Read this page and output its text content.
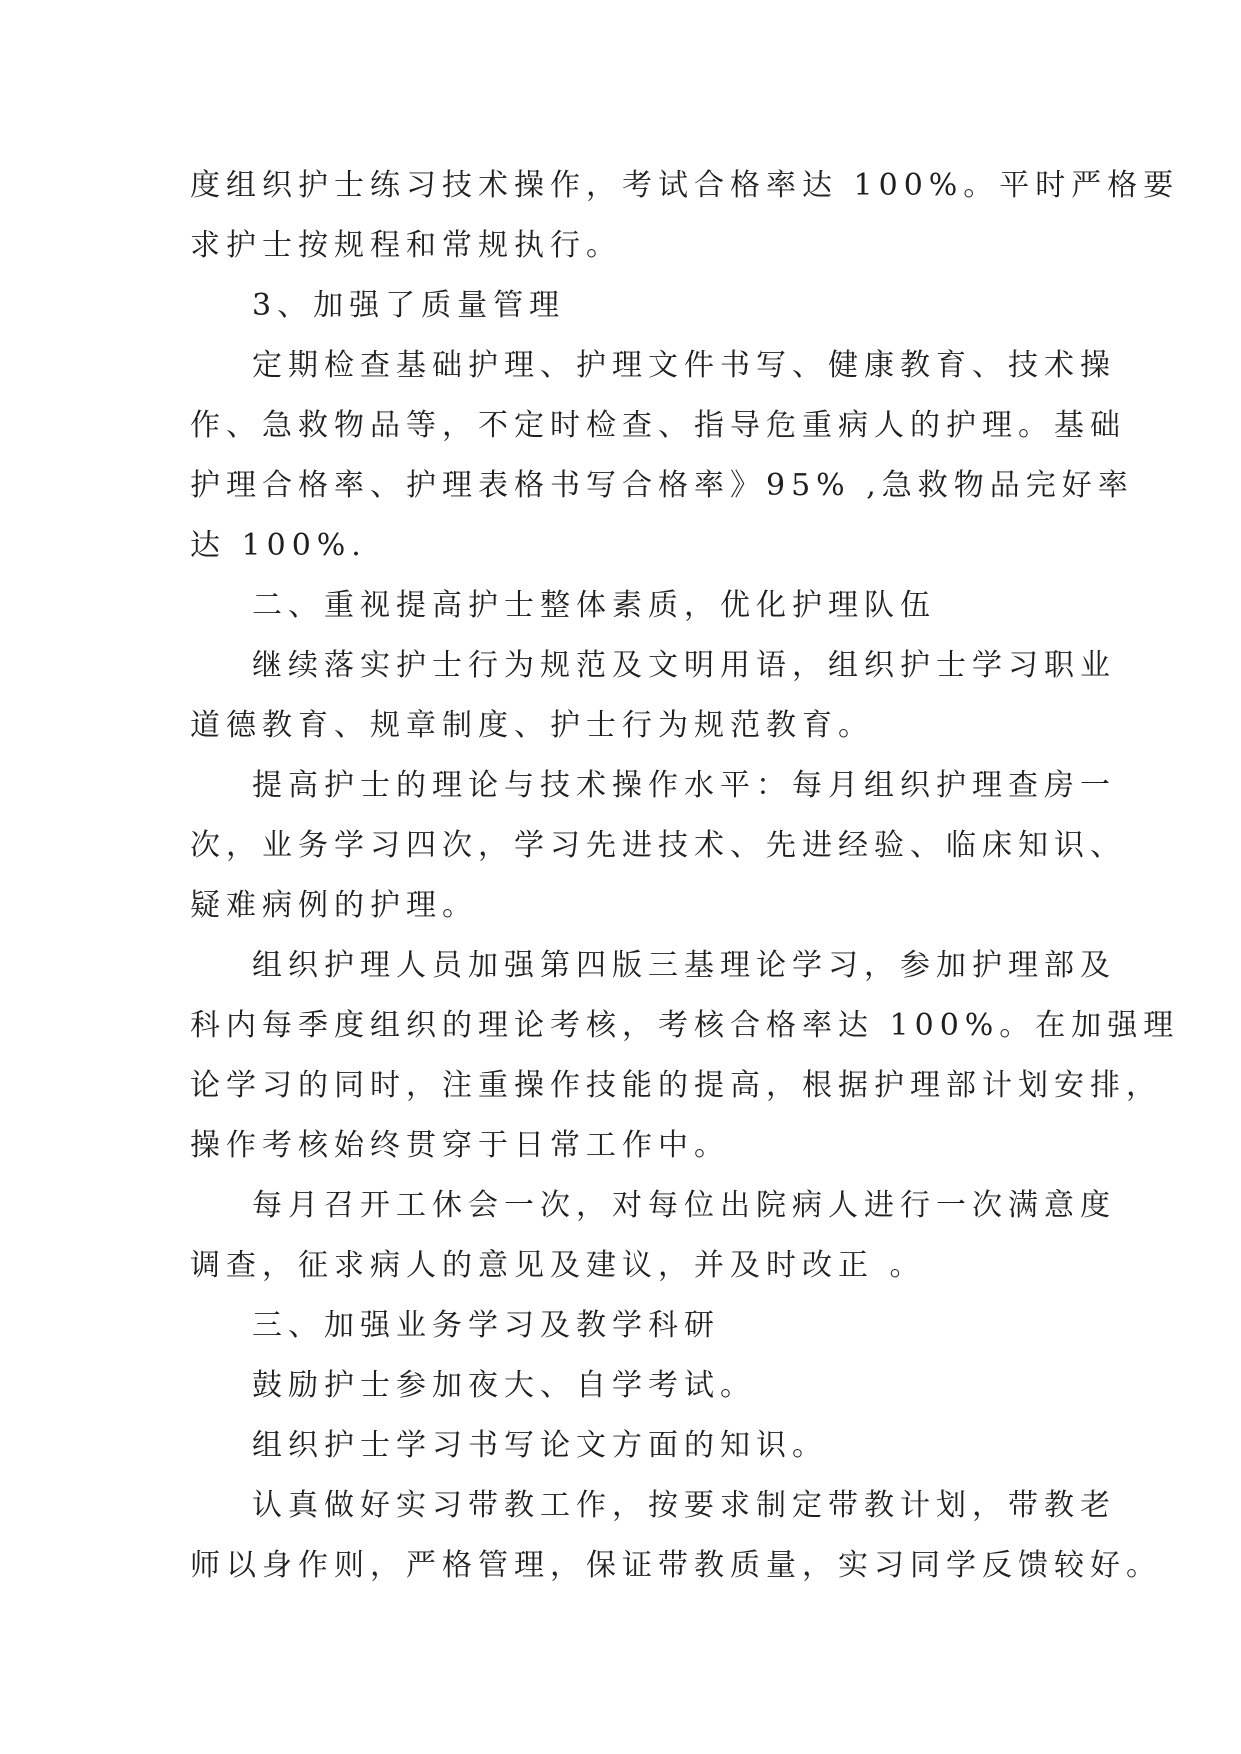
度组织护士练习技术操作，考试合格率达 100%。平时严格要
求护士按规程和常规执行。

3、加强了质量管理

定期检查基础护理、护理文件书写、健康教育、技术操
作、急救物品等，不定时检查、指导危重病人的护理。基础
护理合格率、护理表格书写合格率》95% ,急救物品完好率
达 100%.

二、重视提高护士整体素质，优化护理队伍

继续落实护士行为规范及文明用语，组织护士学习职业
道德教育、规章制度、护士行为规范教育。

提高护士的理论与技术操作水平：每月组织护理查房一
次，业务学习四次，学习先进技术、先进经验、临床知识、
疑难病例的护理。

组织护理人员加强第四版三基理论学习，参加护理部及
科内每季度组织的理论考核，考核合格率达 100%。在加强理
论学习的同时，注重操作技能的提高，根据护理部计划安排，
操作考核始终贯穿于日常工作中。

每月召开工休会一次，对每位出院病人进行一次满意度
调查，征求病人的意见及建议，并及时改正 。

三、加强业务学习及教学科研

鼓励护士参加夜大、自学考试。

组织护士学习书写论文方面的知识。

认真做好实习带教工作，按要求制定带教计划，带教老
师以身作则，严格管理，保证带教质量，实习同学反馈较好。
